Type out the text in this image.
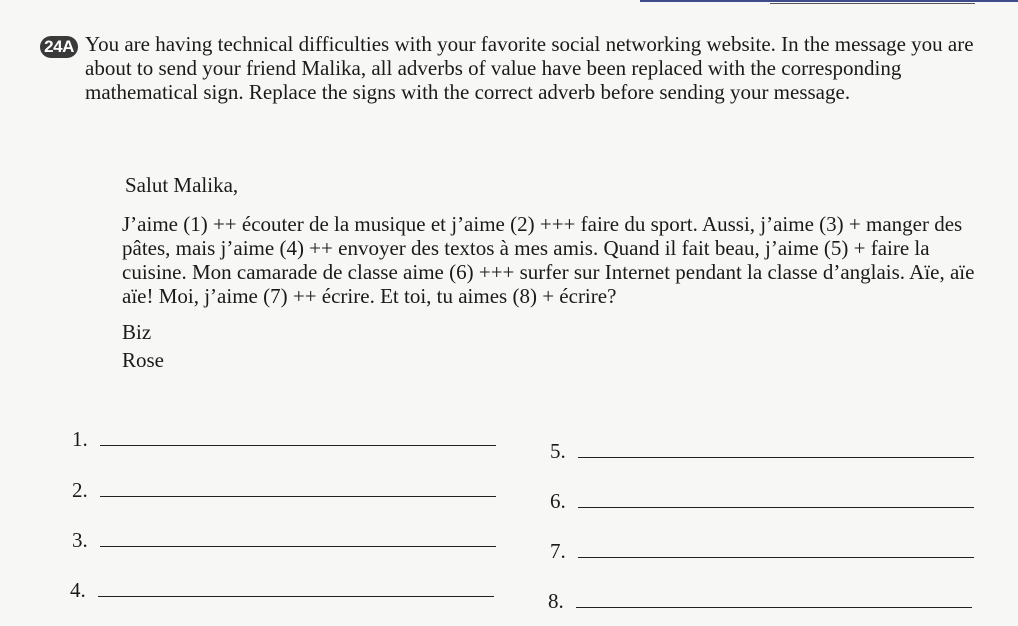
24A You are having technical difficulties with your favorite social networking website. In the message you are about to send your friend Malika, all adverbs of value have been replaced with the corresponding mathematical sign. Replace the signs with the correct adverb before sending your message.

Salut Malika,

J’aime (1) ++ écouter de la musique et j’aime (2) +++ faire du sport. Aussi, j’aime (3) + manger des pâtes, mais j’aime (4) ++ envoyer des textos à mes amis. Quand il fait beau, j’aime (5) + faire la cuisine. Mon camarade de classe aime (6) +++ surfer sur Internet pendant la classe d’anglais. Aïe, aïe aïe! Moi, j’aime (7) ++ écrire. Et toi, tu aimes (8) + écrire?

Biz
Rose

1.
2.
3.
4.
5.
6.
7.
8.
